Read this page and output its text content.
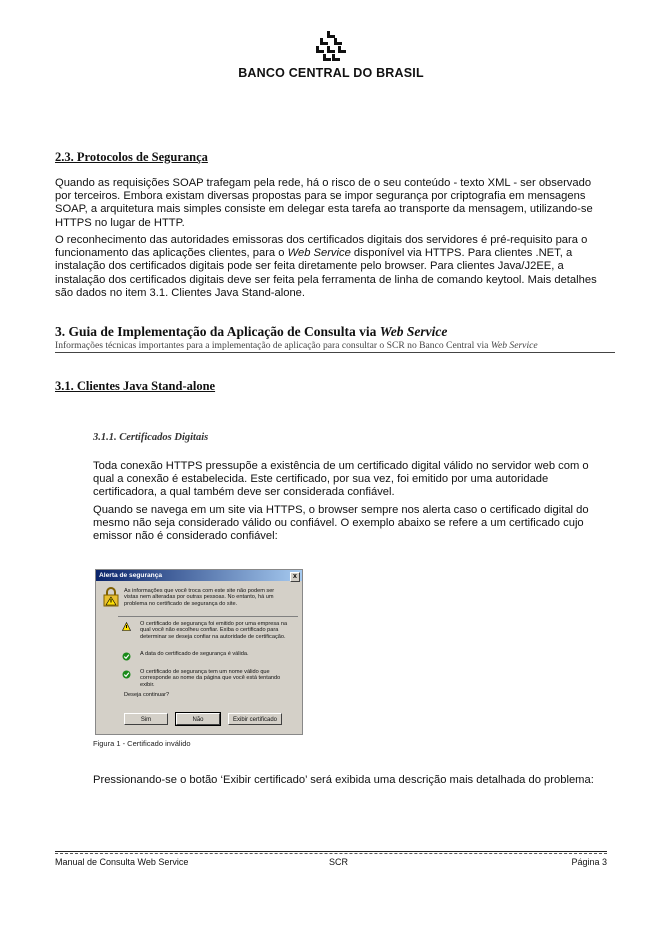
BANCO CENTRAL DO BRASIL
2.3. Protocolos de Segurança
Quando as requisições SOAP trafegam pela rede, há o risco de o seu conteúdo - texto XML - ser observado
por terceiros. Embora existam diversas propostas para se impor segurança por criptografia em mensagens
SOAP, a arquitetura mais simples consiste em delegar esta tarefa ao transporte da mensagem, utilizando-se
HTTPS no lugar de HTTP.
O reconhecimento das autoridades emissoras dos certificados digitais dos servidores é pré-requisito para o
funcionamento das aplicações clientes, para o Web Service disponível via HTTPS. Para clientes .NET, a
instalação dos certificados digitais pode ser feita diretamente pelo browser. Para clientes Java/J2EE, a
instalação dos certificados digitais deve ser feita pela ferramenta de linha de comando keytool. Mais detalhes
são dados no item 3.1. Clientes Java Stand-alone.
3. Guia de Implementação da Aplicação de Consulta via Web Service
Informações técnicas importantes para a implementação de aplicação para consultar o SCR no Banco Central via Web Service
3.1. Clientes Java Stand-alone
3.1.1. Certificados Digitais
Toda conexão HTTPS pressupõe a existência de um certificado digital válido no servidor web com o
qual a conexão é estabelecida. Este certificado, por sua vez, foi emitido por uma autoridade
certificadora, a qual também deve ser considerada confiável.
Quando se navega em um site via HTTPS, o browser sempre nos alerta caso o certificado digital do
mesmo não seja considerado válido ou confiável. O exemplo abaixo se refere a um certificado cujo
emissor não é considerado confiável:
Alerta de segurança	x
As informações que você troca com este site não podem ser
vistas nem alteradas por outras pessoas. No entanto, há um
problema no certificado de segurança do site.
O certificado de segurança foi emitido por uma empresa na
qual você não escolheu confiar. Exiba o certificado para
determinar se deseja confiar na autoridade de certificação.
A data do certificado de segurança é válida.
O certificado de segurança tem um nome válido que
corresponde ao nome da página que você está tentando
exibir.
Deseja continuar?
Sim	Não	Exibir certificado
Figura 1 - Certificado inválido
Pressionando-se o botão ‘Exibir certificado’ será exibida uma descrição mais detalhada do problema:
Manual de Consulta Web Service	SCR	Página 3
